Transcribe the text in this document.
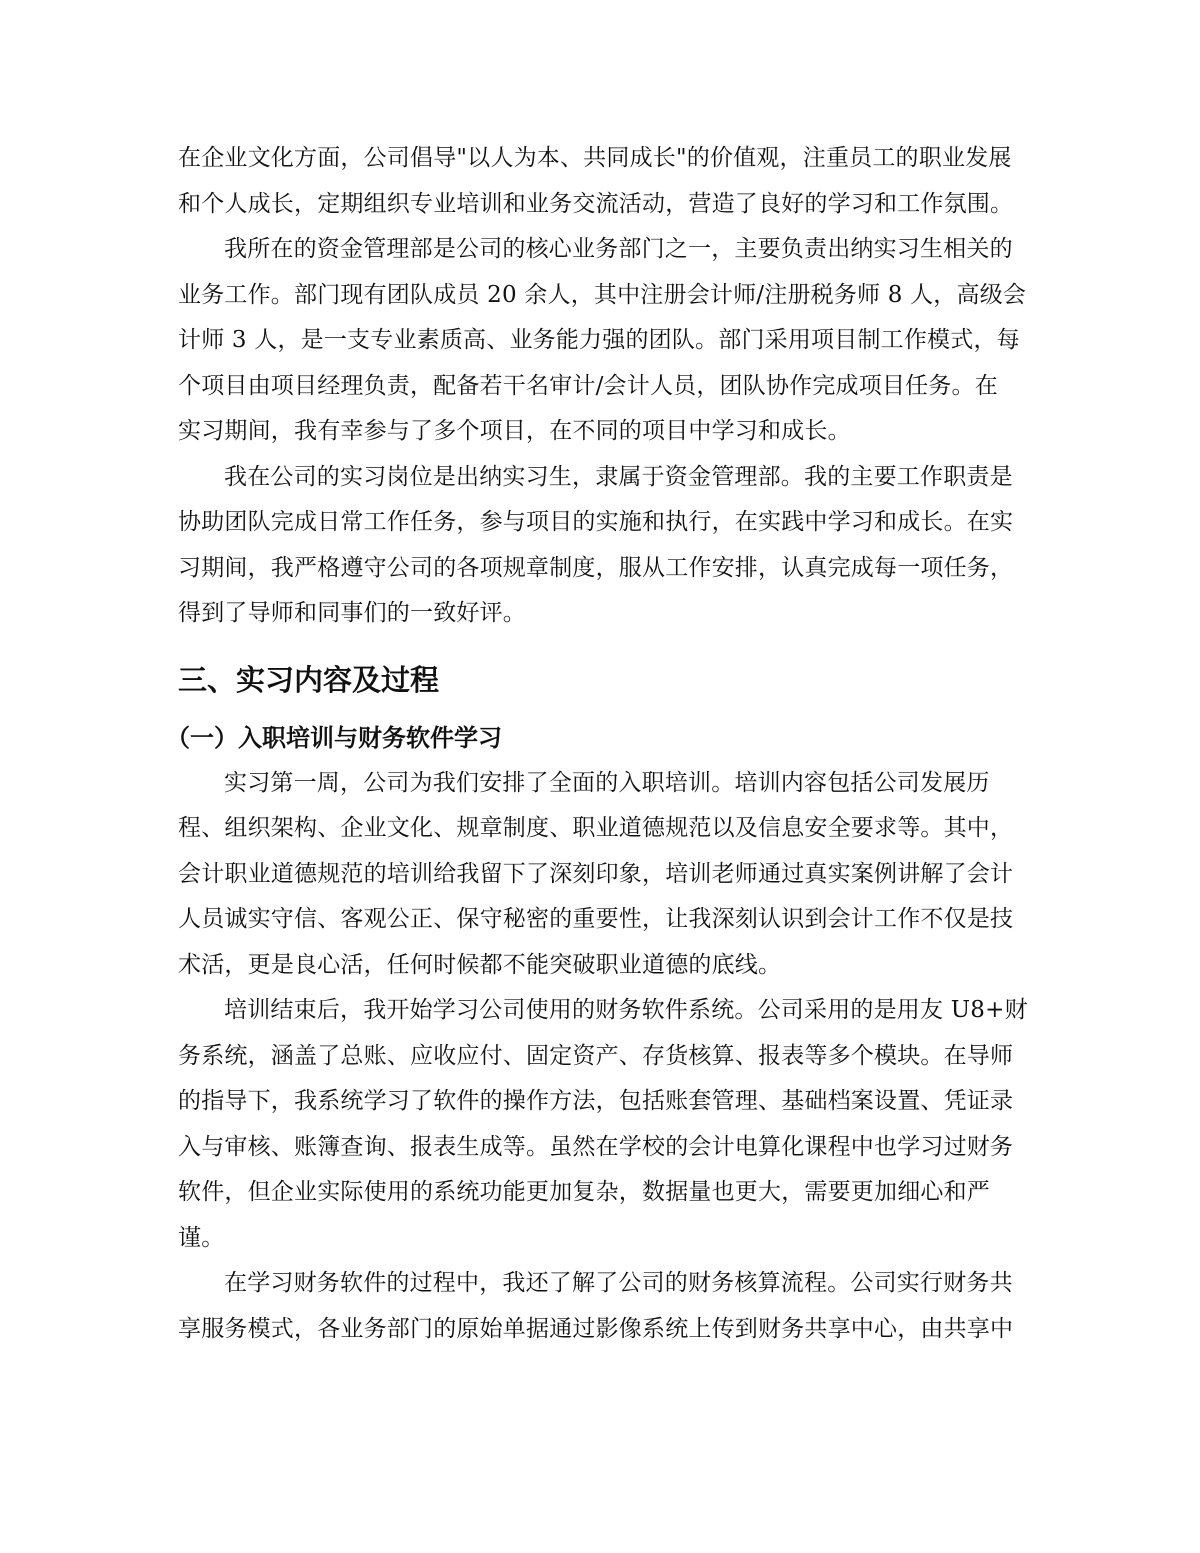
在企业文化方面，公司倡导"以人为本、共同成长"的价值观，注重员工的职业发展
和个人成长，定期组织专业培训和业务交流活动，营造了良好的学习和工作氛围。
我所在的资金管理部是公司的核心业务部门之一，主要负责出纳实习生相关的
业务工作。部门现有团队成员 20 余人，其中注册会计师/注册税务师 8 人，高级会
计师 3 人，是一支专业素质高、业务能力强的团队。部门采用项目制工作模式，每
个项目由项目经理负责，配备若干名审计/会计人员，团队协作完成项目任务。在
实习期间，我有幸参与了多个项目，在不同的项目中学习和成长。
我在公司的实习岗位是出纳实习生，隶属于资金管理部。我的主要工作职责是
协助团队完成日常工作任务，参与项目的实施和执行，在实践中学习和成长。在实
习期间，我严格遵守公司的各项规章制度，服从工作安排，认真完成每一项任务，
得到了导师和同事们的一致好评。
三、实习内容及过程
（一）入职培训与财务软件学习
实习第一周，公司为我们安排了全面的入职培训。培训内容包括公司发展历
程、组织架构、企业文化、规章制度、职业道德规范以及信息安全要求等。其中，
会计职业道德规范的培训给我留下了深刻印象，培训老师通过真实案例讲解了会计
人员诚实守信、客观公正、保守秘密的重要性，让我深刻认识到会计工作不仅是技
术活，更是良心活，任何时候都不能突破职业道德的底线。
培训结束后，我开始学习公司使用的财务软件系统。公司采用的是用友 U8+财
务系统，涵盖了总账、应收应付、固定资产、存货核算、报表等多个模块。在导师
的指导下，我系统学习了软件的操作方法，包括账套管理、基础档案设置、凭证录
入与审核、账簿查询、报表生成等。虽然在学校的会计电算化课程中也学习过财务
软件，但企业实际使用的系统功能更加复杂，数据量也更大，需要更加细心和严
谨。
在学习财务软件的过程中，我还了解了公司的财务核算流程。公司实行财务共
享服务模式，各业务部门的原始单据通过影像系统上传到财务共享中心，由共享中
